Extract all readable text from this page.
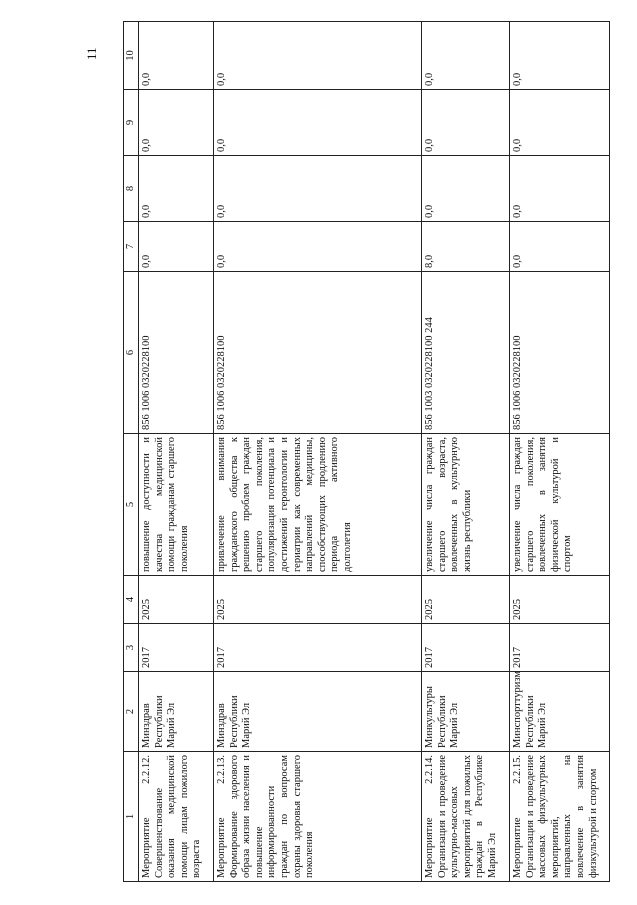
11
1	2	3	4	5	6	7	8	9	10
Мероприятие 2.2.12. Совершенствование оказания медицинской помощи лицам пожилого возраста	Минздрав Республики Марий Эл	2017	2025	повышение доступности и качества медицинской помощи гражданам старшего поколения	856 1006 0320228100	0,0	0,0	0,0	0,0
Мероприятие 2.2.13. Формирование здорового образа жизни населения и повышение информированности граждан по вопросам охраны здоровья старшего поколения	Минздрав Республики Марий Эл	2017	2025	привлечение внимания гражданского общества к решению проблем граждан старшего поколения, популяризация потенциала и достижений геронтологии и гериатрии как современных направлений медицины, способствующих продлению периода активного долголетия	856 1006 0320228100	0,0	0,0	0,0	0,0
Мероприятие 2.2.14. Организация и проведение культурно-массовых мероприятий для пожилых граждан в Республике Марий Эл	Минкультуры Республики Марий Эл	2017	2025	увеличение числа граждан старшего возраста, вовлеченных в культурную жизнь республики	856 1003 0320228100 244	8,0	0,0	0,0	0,0
Мероприятие 2.2.15. Организация и проведение массовых физкультурных мероприятий, направленных на вовлечение в занятия физкультурой и спортом	Минспорттуризм Республики Марий Эл	2017	2025	увеличение числа граждан старшего поколения, вовлеченных в занятия физической культурой и спортом	856 1006 0320228100	0,0	0,0	0,0	0,0
